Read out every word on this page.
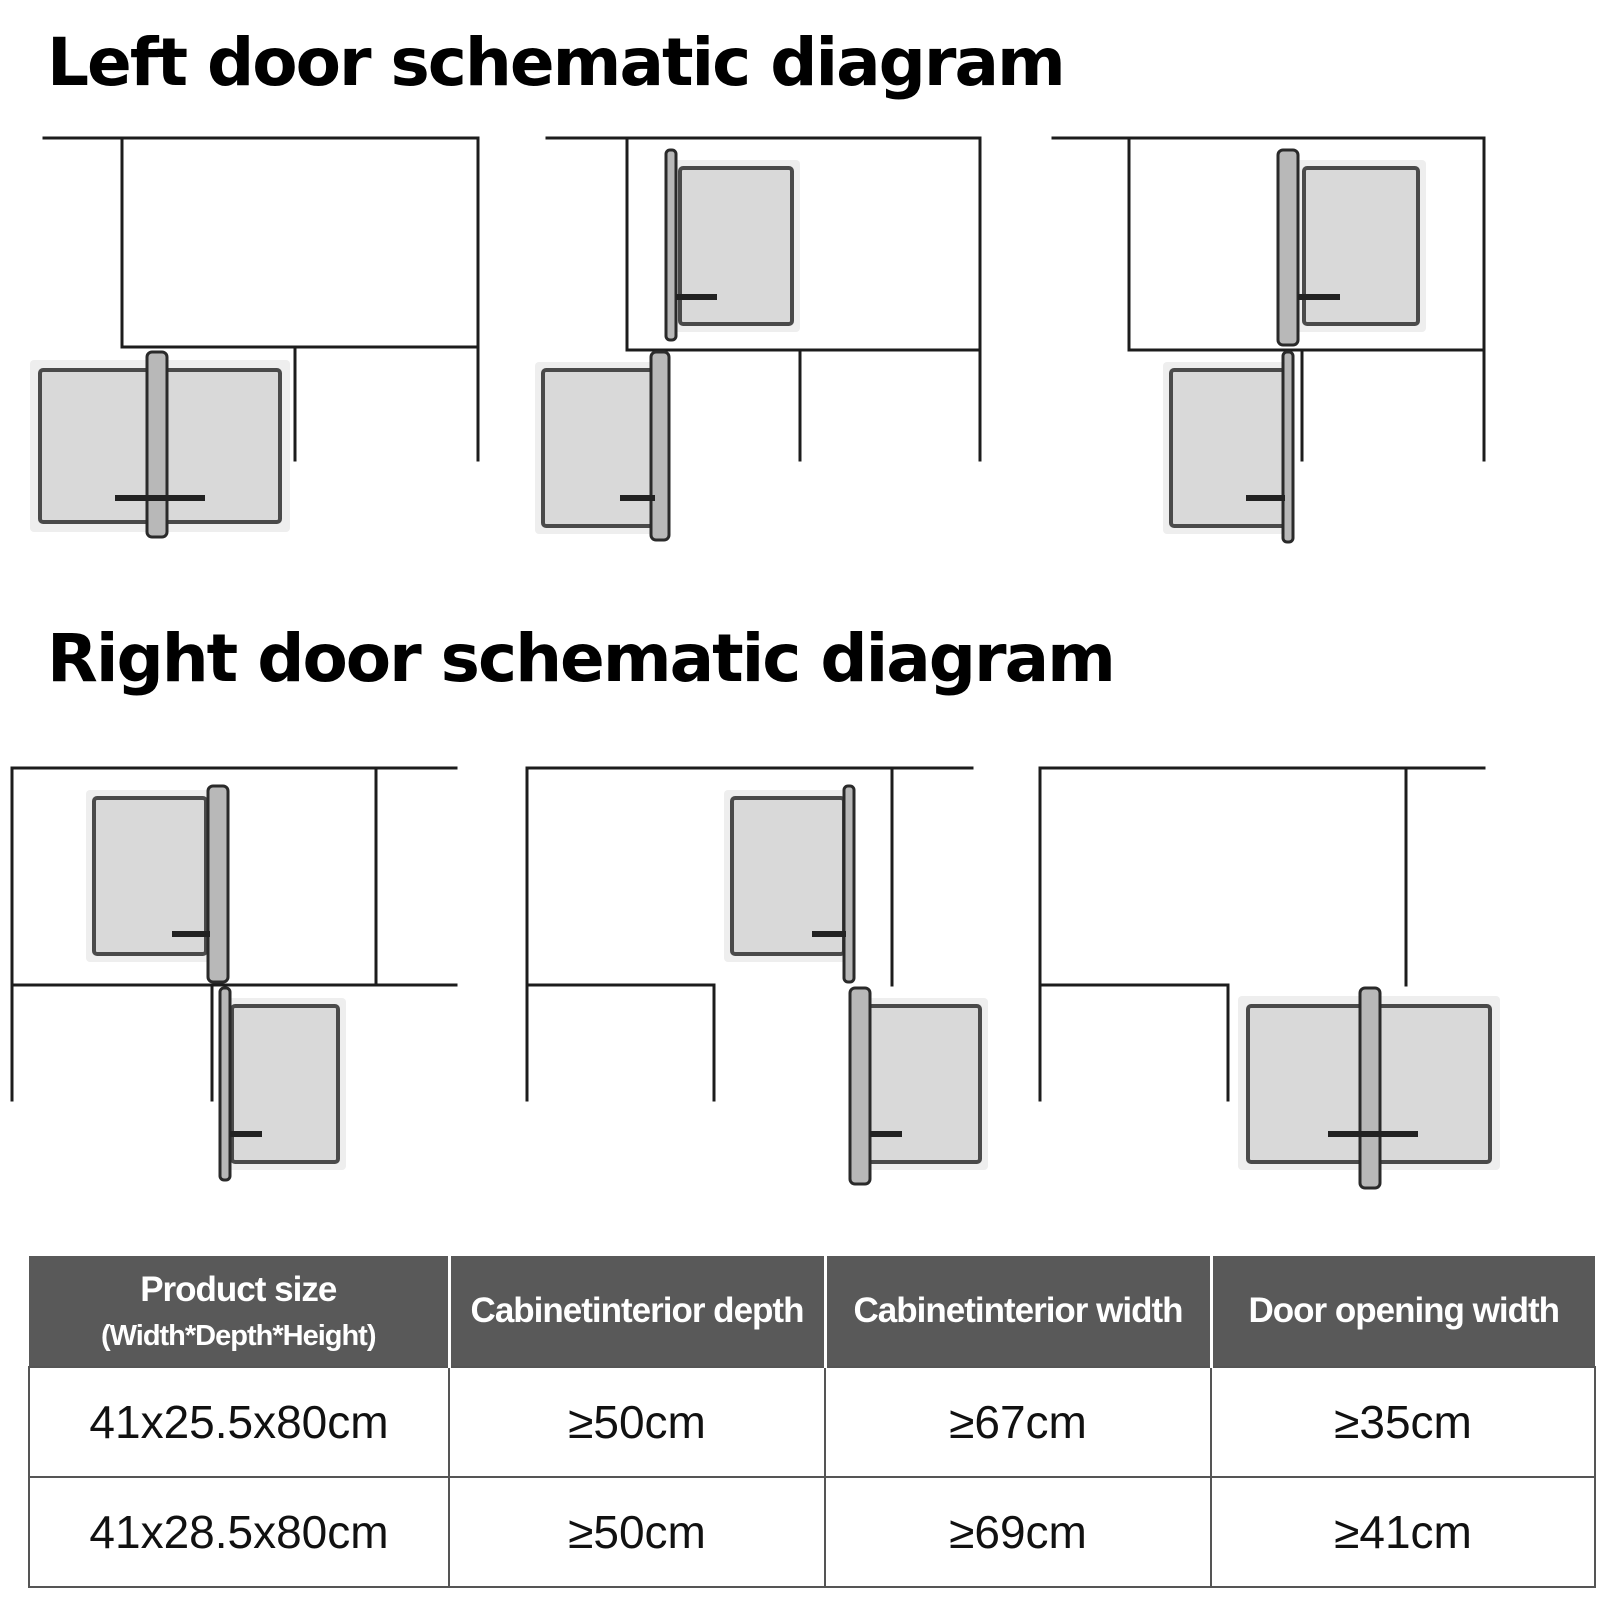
Left door schematic diagram
Right door schematic diagram
Product size
(Width*Depth*Height)	Cabinetinterior depth	Cabinetinterior width	Door opening width
41x25.5x80cm	≥50cm	≥67cm	≥35cm
41x28.5x80cm	≥50cm	≥69cm	≥41cm
